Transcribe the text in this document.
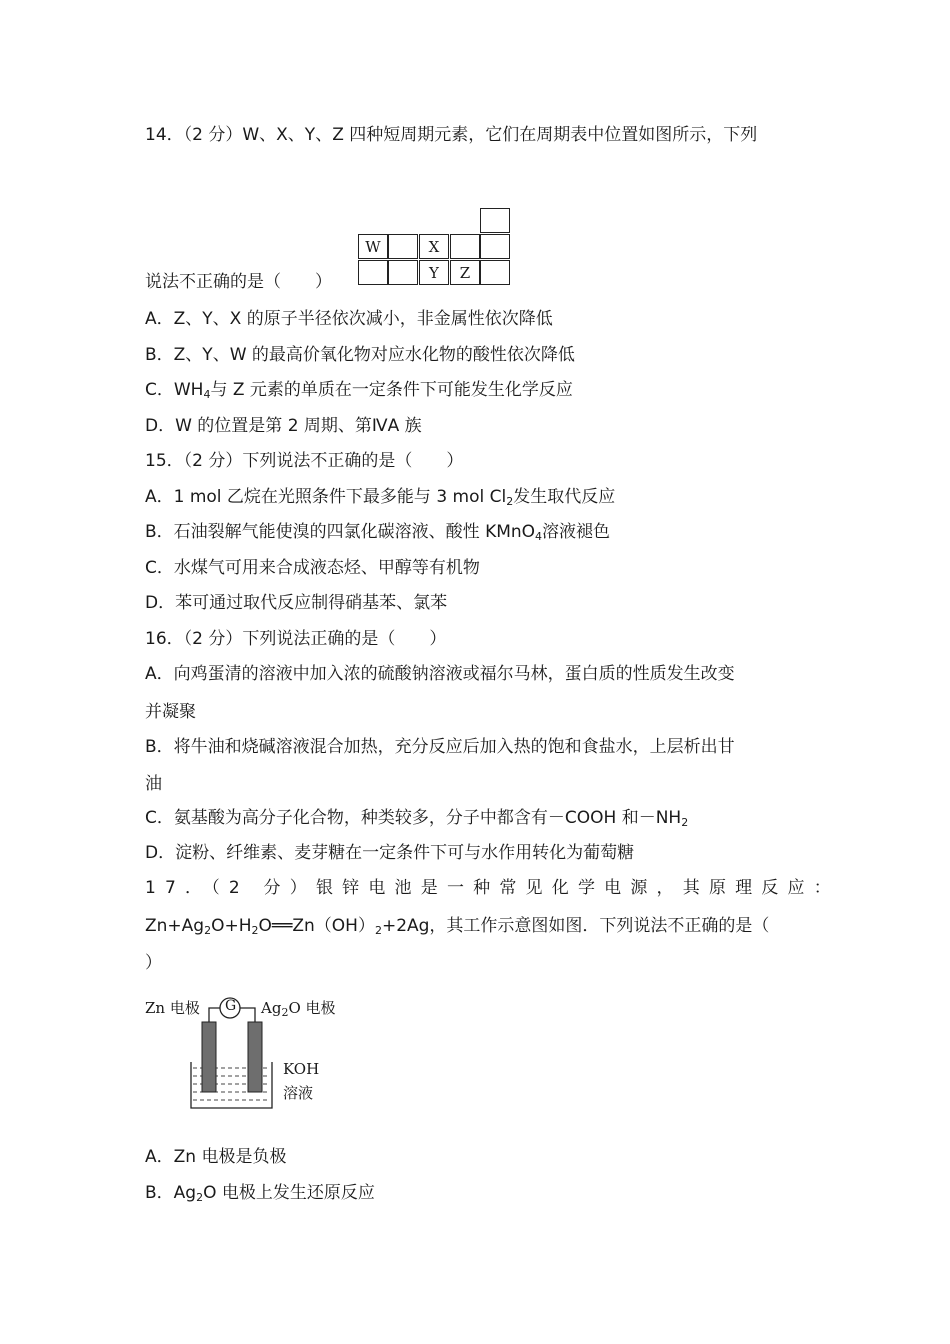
14．（2 分）W、X、Y、Z 四种短周期元素，它们在周期表中位置如图所示，下列
W	X
Y	Z
说法不正确的是（　　）
A．Z、Y、X 的原子半径依次减小，非金属性依次降低
B．Z、Y、W 的最高价氧化物对应水化物的酸性依次降低
C．$WH_4$与 Z 元素的单质在一定条件下可能发生化学反应
D．W 的位置是第 2 周期、第ⅣA 族
15．（2 分）下列说法不正确的是（　　）
A．1 mol 乙烷在光照条件下最多能与 3 mol $Cl_2$发生取代反应
B．石油裂解气能使溴的四氯化碳溶液、酸性 KMnO$_4$溶液褪色
C．水煤气可用来合成液态烃、甲醇等有机物
D．苯可通过取代反应制得硝基苯、氯苯
16．（2 分）下列说法正确的是（　　）
A．向鸡蛋清的溶液中加入浓的硫酸钠溶液或福尔马林，蛋白质的性质发生改变
并凝聚
B．将牛油和烧碱溶液混合加热，充分反应后加入热的饱和食盐水，上层析出甘
油
C．氨基酸为高分子化合物，种类较多，分子中都含有－COOH 和$-NH_2$
D．淀粉、纤维素、麦芽糖在一定条件下可与水作用转化为葡萄糖
17．（2 分）银锌电池是一种常见化学电源，其原理反应：
$Zn+Ag_2O+H_2O══Zn(OH)_2+2Ag$，其工作示意图如图．下列说法不正确的是（
）
Zn 电极 G $Ag_2O$ 电极
KOH
溶液
A．Zn 电极是负极
B．$Ag_2O$ 电极上发生还原反应
